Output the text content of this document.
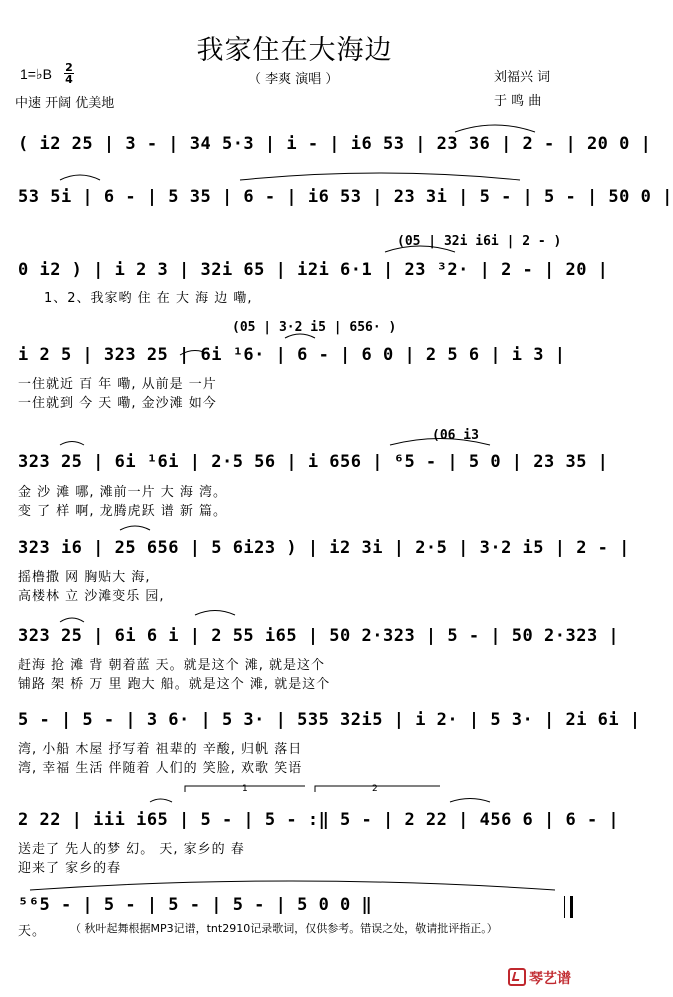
我家住在大海边
1=♭B 2
4
中速 开阔 优美地
（ 李爽 演唱 ）	刘福兴 词
于 鸣 曲
( i2 25 | 3 - | 34 5·3 | i - | i6 53 | 23 36 | 2 - | 20 0 |
53 5i | 6 - | 5 35 | 6 - | i6 53 | 23 3i | 5 - | 5 - | 50 0 |
(05 | 32i i6i | 2 - )
0 i2 ) | i 2 3 | 32i 65 | i2i 6·1 | 23 ³2· | 2 - | 20 |
1、2、我家哟 住 在 大 海 边 嘞,
(05 | 3·2 i5 | 656· )
i 2 5 | 323 25 | 6i ¹6· | 6 - | 6 0 | 2 5 6 | i 3 |
一住就近 百 年 嘞, 从前是 一片
一住就到 今 天 嘞, 金沙滩 如今
(06 i3
323 25 | 6i ¹6i | 2·5 56 | i 656 | ⁶5 - | 5 0 | 23 35 |
金 沙 滩 哪, 滩前一片 大 海 湾。
变 了 样 啊, 龙腾虎跃 谱 新 篇。
323 i6 | 25 656 | 5 6i23 ) | i2 3i | 2·5 | 3·2 i5 | 2 - |
摇橹撒 网 胸贴大 海,
高楼林 立 沙滩变乐 园,
323 25 | 6i 6 i | 2 55 i65 | 50 2·323 | 5 - | 50 2·323 |
赶海 抢 滩 背 朝着蓝 天。就是这个 滩, 就是这个
铺路 架 桥 万 里 跑大 船。就是这个 滩, 就是这个
5 - | 5 - | 3 6· | 5 3· | 535 32i5 | i 2· | 5 3· | 2i 6i |
湾, 小船 木屋 抒写着 祖辈的 辛酸, 归帆 落日
湾, 幸福 生活 伴随着 人们的 笑脸, 欢歌 笑语
1	2
2 22 | iii i65 | 5 - | 5 - :‖ 5 - | 2 22 | 456 6 | 6 - |
送走了 先人的梦 幻。 天, 家乡的 春
迎来了 家乡的春
⁵⁶5 - | 5 - | 5 - | 5 - | 5 0 0 ‖
天。 （ 秋叶起舞根据MP3记谱，tnt2910记录歌词，仅供参考。错误之处，敬请批评指正。）
琴艺谱
